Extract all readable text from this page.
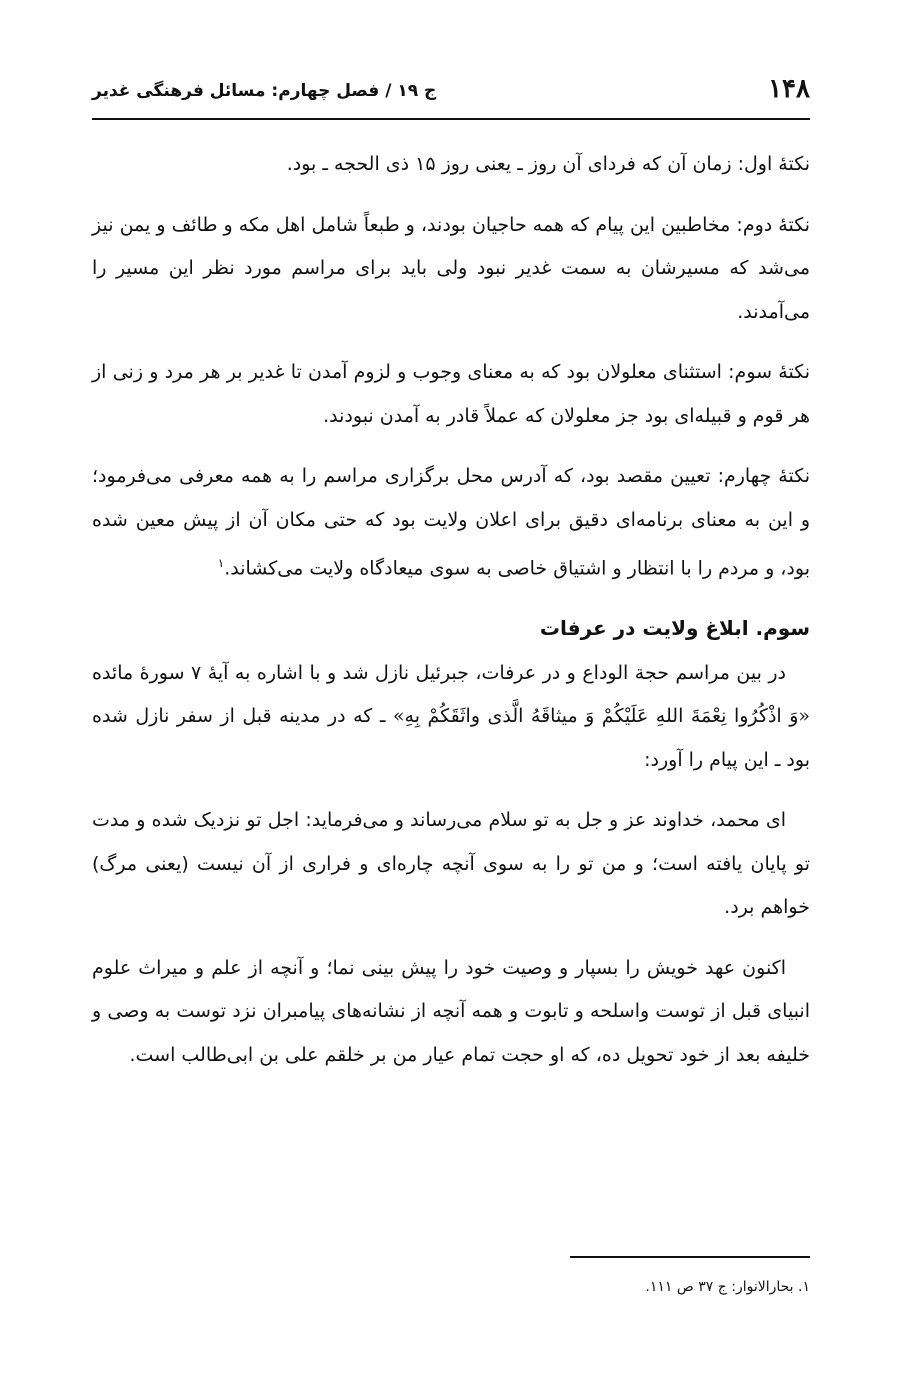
۱۴۸
ج ۱۹ / فصل چهارم: مسائل فرهنگی غدیر

نکتۀ اول: زمان آن که فردای آن روز ـ یعنی روز ۱۵ ذی الحجه ـ بود.

نکتۀ دوم: مخاطبین این پیام که همه حاجیان بودند، و طبعاً شامل اهل مکه و طائف و یمن نیز می‌شد که مسیرشان به سمت غدیر نبود ولی باید برای مراسم مورد نظر این مسیر را می‌آمدند.

نکتۀ سوم: استثنای معلولان بود که به معنای وجوب و لزوم آمدن تا غدیر بر هر مرد و زنی از هر قوم و قبیله‌ای بود جز معلولان که عملاً قادر به آمدن نبودند.

نکتۀ چهارم: تعیین مقصد بود، که آدرس محل برگزاری مراسم را به همه معرفی می‌فرمود؛ و این به معنای برنامه‌ای دقیق برای اعلان ولایت بود که حتی مکان آن از پیش معین شده بود، و مردم را با انتظار و اشتیاق خاصی به سوی میعادگاه ولایت می‌کشاند.$^۱$

سوم. ابلاغ ولایت در عرفات

در بین مراسم حجة الوداع و در عرفات، جبرئیل نازل شد و با اشاره به آیۀ ۷ سورۀ مائده «وَ اذْكُرُوا نِعْمَةَ اللهِ عَلَيْكُمْ وَ ميثاقَهُ الَّذی واثَقَكُمْ بِهِ» ـ که در مدینه قبل از سفر نازل شده بود ـ این پیام را آورد:

ای محمد، خداوند عز و جل به تو سلام می‌رساند و می‌فرماید: اجل تو نزدیک شده و مدت تو پایان یافته است؛ و من تو را به سوی آنچه چاره‌ای و فراری از آن نیست (یعنی مرگ) خواهم برد.

اکنون عهد خویش را بسپار و وصیت خود را پیش بینی نما؛ و آنچه از علم و میراث علوم انبیای قبل از توست واسلحه و تابوت و همه آنچه از نشانه‌های پیامبران نزد توست به وصی و خلیفه بعد از خود تحویل ده، که او حجت تمام عیار من بر خلقم علی بن ابی‌طالب است.

۱. بحارالانوار: ج ۳۷ ص ۱۱۱.
